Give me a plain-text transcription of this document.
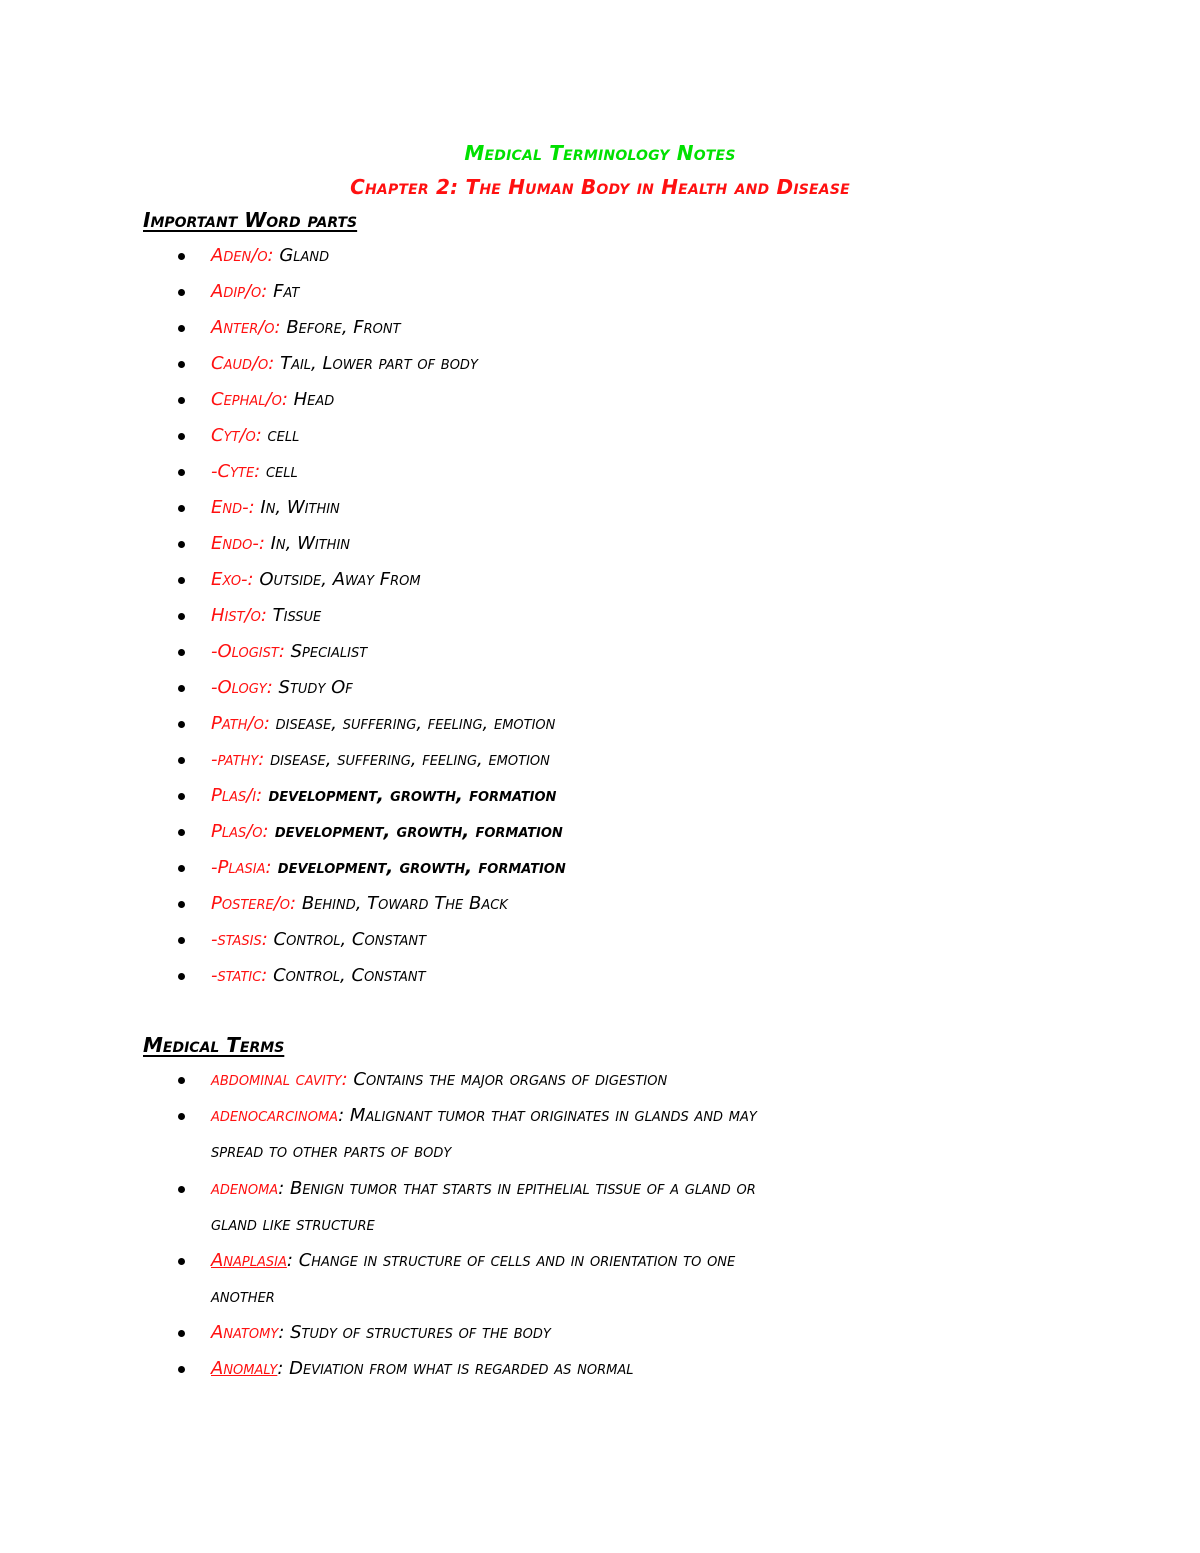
Medical Terminology Notes
Chapter 2: The Human Body in Health and Disease
Important Word parts
Aden/o: Gland
Adip/o: Fat
Anter/o: Before, Front
Caud/o: Tail, Lower part of body
Cephal/o: Head
Cyt/o: cell
-Cyte: cell
End-: In, Within
Endo-: In, Within
Exo-: Outside, Away From
Hist/o: Tissue
-Ologist: Specialist
-Ology: Study Of
Path/o: disease, suffering, feeling, emotion
-pathy: disease, suffering, feeling, emotion
Plas/i: development, growth, formation
Plas/o: development, growth, formation
-Plasia: development, growth, formation
Postere/o: Behind, Toward The Back
-stasis: Control, Constant
-static: Control, Constant
Medical Terms
abdominal cavity: Contains the major organs of digestion
adenocarcinoma: Malignant tumor that originates in glands and may
spread to other parts of body
adenoma: Benign tumor that starts in epithelial tissue of a gland or
gland like structure
Anaplasia: Change in structure of cells and in orientation to one
another
Anatomy: Study of structures of the body
Anomaly: Deviation from what is regarded as normal
